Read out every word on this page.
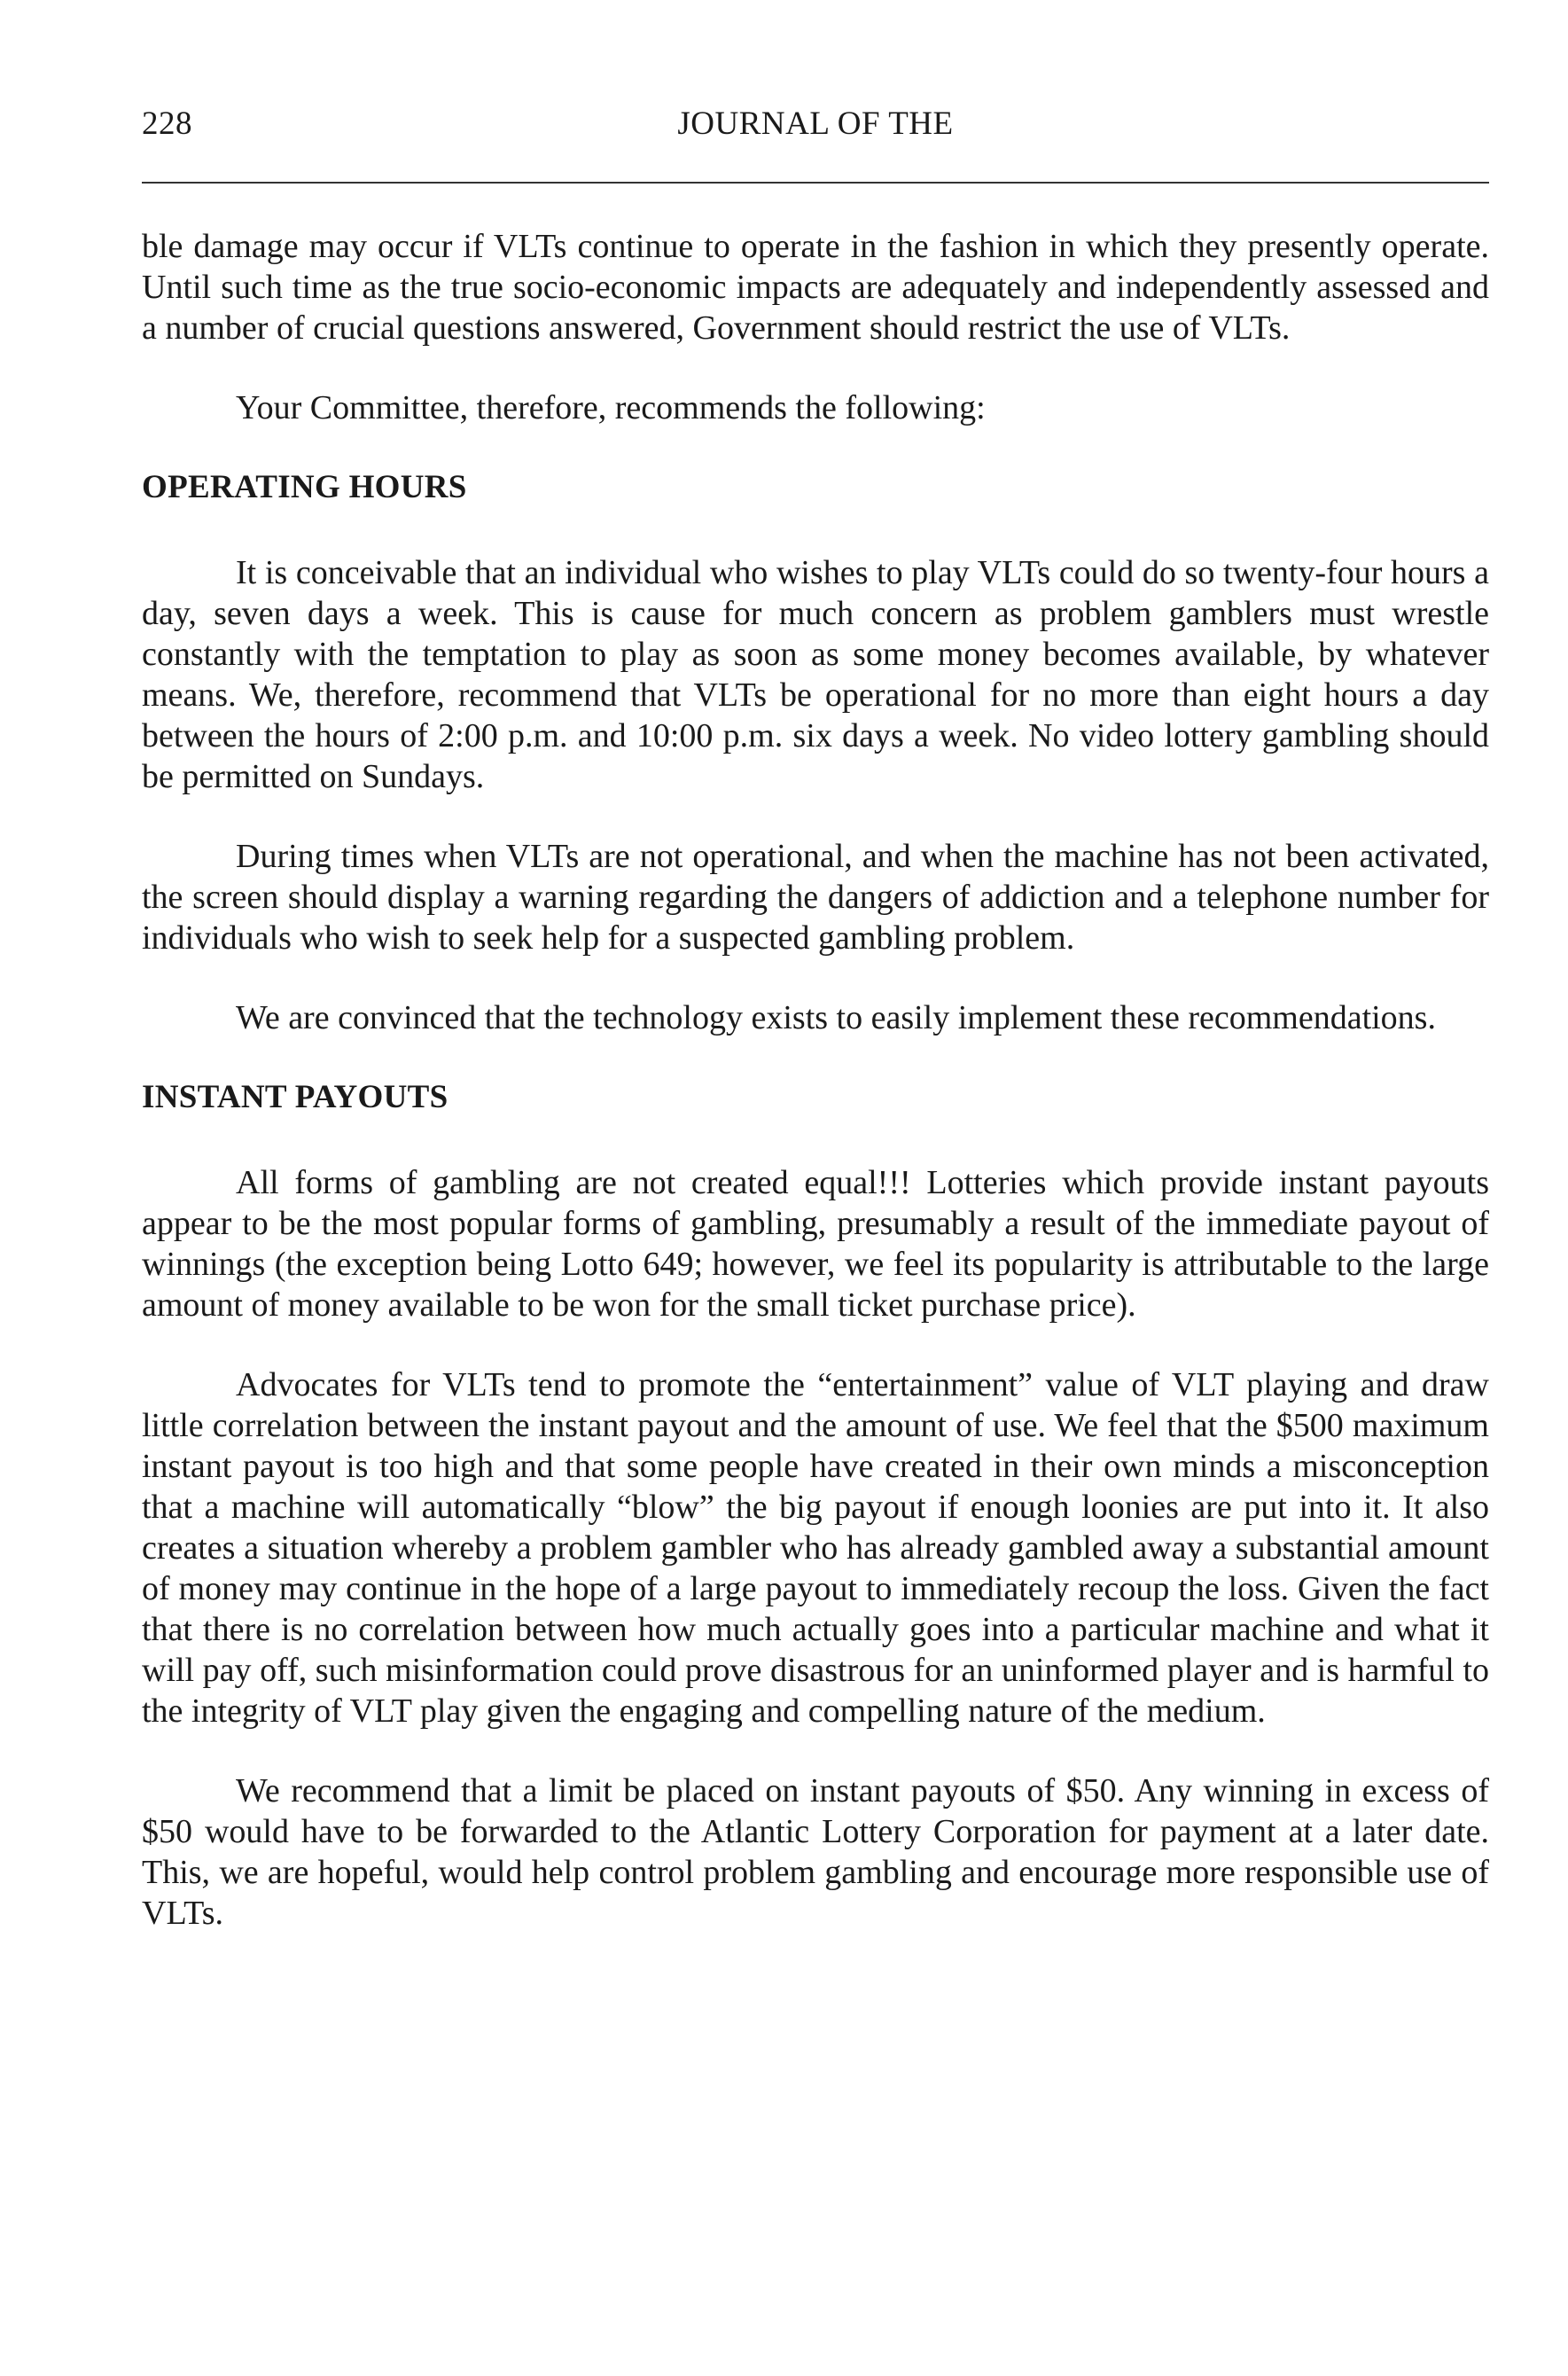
228	JOURNAL OF THE

ble damage may occur if VLTs continue to operate in the fashion in which they presently operate. Until such time as the true socio-economic impacts are adequately and independently assessed and a number of crucial questions answered, Government should restrict the use of VLTs.

Your Committee, therefore, recommends the following:

OPERATING HOURS

It is conceivable that an individual who wishes to play VLTs could do so twenty-four hours a day, seven days a week. This is cause for much concern as problem gamblers must wrestle constantly with the temptation to play as soon as some money becomes available, by whatever means. We, therefore, recommend that VLTs be operational for no more than eight hours a day between the hours of 2:00 p.m. and 10:00 p.m. six days a week. No video lottery gambling should be permitted on Sundays.

During times when VLTs are not operational, and when the machine has not been activated, the screen should display a warning regarding the dangers of addiction and a telephone number for individuals who wish to seek help for a suspected gambling problem.

We are convinced that the technology exists to easily implement these recommendations.

INSTANT PAYOUTS

All forms of gambling are not created equal!!! Lotteries which provide instant payouts appear to be the most popular forms of gambling, presumably a result of the immediate payout of winnings (the exception being Lotto 649; however, we feel its popularity is attributable to the large amount of money available to be won for the small ticket purchase price).

Advocates for VLTs tend to promote the “entertainment” value of VLT playing and draw little correlation between the instant payout and the amount of use. We feel that the $500 maximum instant payout is too high and that some people have created in their own minds a misconception that a machine will automatically “blow” the big payout if enough loonies are put into it. It also creates a situation whereby a problem gambler who has already gambled away a substantial amount of money may continue in the hope of a large payout to immediately recoup the loss. Given the fact that there is no correlation between how much actually goes into a particular machine and what it will pay off, such misinformation could prove disastrous for an uninformed player and is harmful to the integrity of VLT play given the engaging and compelling nature of the medium.

We recommend that a limit be placed on instant payouts of $50. Any winning in excess of $50 would have to be forwarded to the Atlantic Lottery Corporation for payment at a later date. This, we are hopeful, would help control problem gambling and encourage more responsible use of VLTs.
